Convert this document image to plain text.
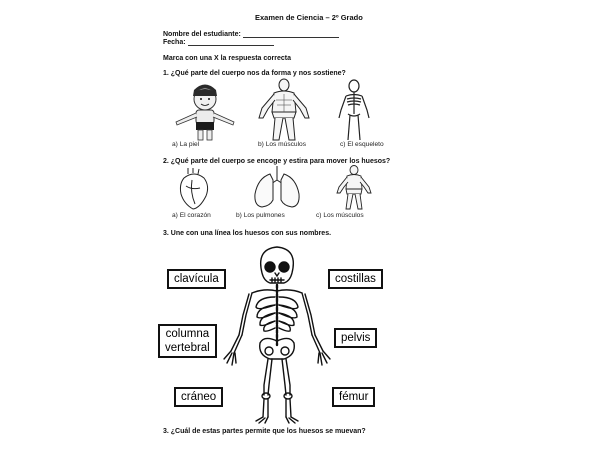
Examen de Ciencia – 2º Grado
Nombre del estudiante:
Fecha:
Marca con una X la respuesta correcta
1. ¿Qué parte del cuerpo nos da forma y nos sostiene?
a) La piel	b) Los músculos	c) El esqueleto
2. ¿Qué parte del cuerpo se encoge y estira para mover los huesos?
a) El corazón	b) Los pulmones	c) Los músculos
3. Une con una línea los huesos con sus nombres.
clavícula	costillas
columna
vertebral
pelvis
cráneo	fémur
3. ¿Cuál de estas partes permite que los huesos se muevan?
